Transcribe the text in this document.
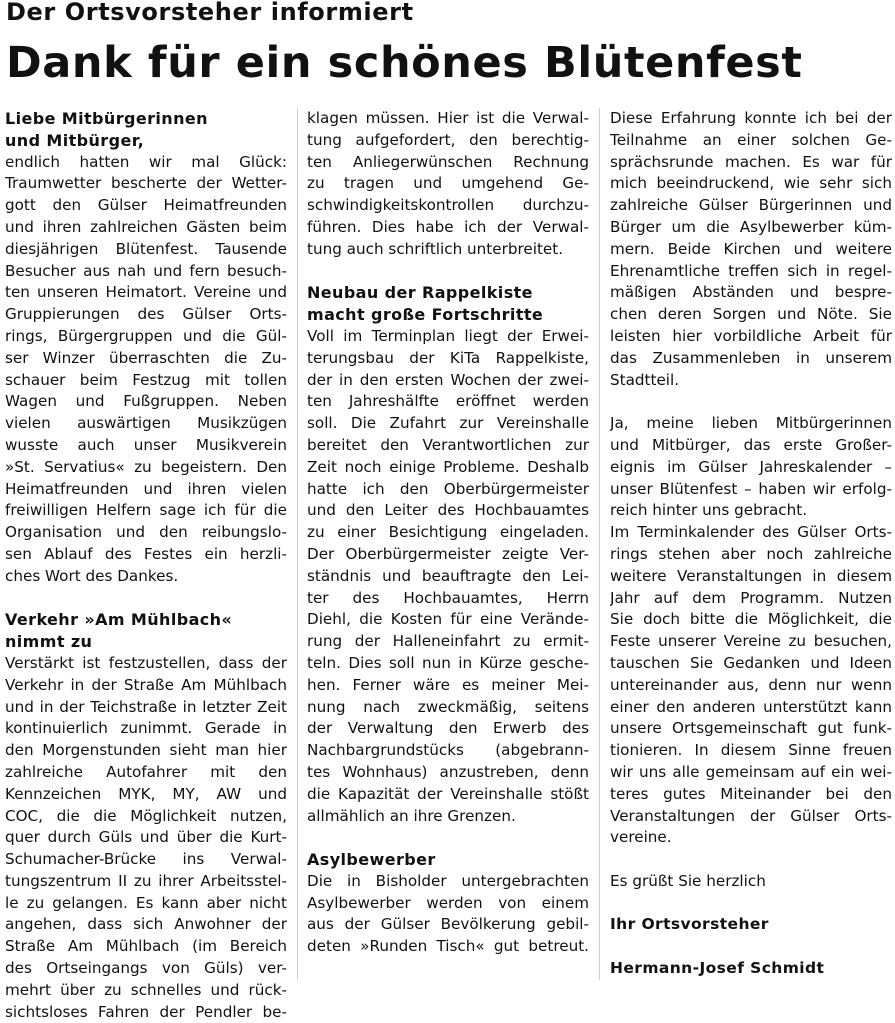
Der Ortsvorsteher informiert
Dank für ein schönes Blütenfest
Liebe Mitbürgerinnen
und Mitbürger,
endlich hatten wir mal Glück:
Traumwetter bescherte der Wetter-
gott den Gülser Heimatfreunden
und ihren zahlreichen Gästen beim
diesjährigen Blütenfest. Tausende
Besucher aus nah und fern besuch-
ten unseren Heimatort. Vereine und
Gruppierungen des Gülser Orts-
rings, Bürgergruppen und die Gül-
ser Winzer überraschten die Zu-
schauer beim Festzug mit tollen
Wagen und Fußgruppen. Neben
vielen auswärtigen Musikzügen
wusste auch unser Musikverein
»St. Servatius« zu begeistern. Den
Heimatfreunden und ihren vielen
freiwilligen Helfern sage ich für die
Organisation und den reibungslo-
sen Ablauf des Festes ein herzli-
ches Wort des Dankes.
Verkehr »Am Mühlbach«
nimmt zu
Verstärkt ist festzustellen, dass der
Verkehr in der Straße Am Mühlbach
und in der Teichstraße in letzter Zeit
kontinuierlich zunimmt. Gerade in
den Morgenstunden sieht man hier
zahlreiche Autofahrer mit den
Kennzeichen MYK, MY, AW und
COC, die die Möglichkeit nutzen,
quer durch Güls und über die Kurt-
Schumacher-Brücke ins Verwal-
tungszentrum II zu ihrer Arbeitsstel-
le zu gelangen. Es kann aber nicht
angehen, dass sich Anwohner der
Straße Am Mühlbach (im Bereich
des Ortseingangs von Güls) ver-
mehrt über zu schnelles und rück-
sichtsloses Fahren der Pendler be-
klagen müssen. Hier ist die Verwal-
tung aufgefordert, den berechtig-
ten Anliegerwünschen Rechnung
zu tragen und umgehend Ge-
schwindigkeitskontrollen durchzu-
führen. Dies habe ich der Verwal-
tung auch schriftlich unterbreitet.
Neubau der Rappelkiste
macht große Fortschritte
Voll im Terminplan liegt der Erwei-
terungsbau der KiTa Rappelkiste,
der in den ersten Wochen der zwei-
ten Jahreshälfte eröffnet werden
soll. Die Zufahrt zur Vereinshalle
bereitet den Verantwortlichen zur
Zeit noch einige Probleme. Deshalb
hatte ich den Oberbürgermeister
und den Leiter des Hochbauamtes
zu einer Besichtigung eingeladen.
Der Oberbürgermeister zeigte Ver-
ständnis und beauftragte den Lei-
ter des Hochbauamtes, Herrn
Diehl, die Kosten für eine Verände-
rung der Halleneinfahrt zu ermit-
teln. Dies soll nun in Kürze gesche-
hen. Ferner wäre es meiner Mei-
nung nach zweckmäßig, seitens
der Verwaltung den Erwerb des
Nachbargrundstücks (abgebrann-
tes Wohnhaus) anzustreben, denn
die Kapazität der Vereinshalle stößt
allmählich an ihre Grenzen.
Asylbewerber
Die in Bisholder untergebrachten
Asylbewerber werden von einem
aus der Gülser Bevölkerung gebil-
deten »Runden Tisch« gut betreut.
Diese Erfahrung konnte ich bei der
Teilnahme an einer solchen Ge-
sprächsrunde machen. Es war für
mich beeindruckend, wie sehr sich
zahlreiche Gülser Bürgerinnen und
Bürger um die Asylbewerber küm-
mern. Beide Kirchen und weitere
Ehrenamtliche treffen sich in regel-
mäßigen Abständen und bespre-
chen deren Sorgen und Nöte. Sie
leisten hier vorbildliche Arbeit für
das Zusammenleben in unserem
Stadtteil.
Ja, meine lieben Mitbürgerinnen
und Mitbürger, das erste Großer-
eignis im Gülser Jahreskalender –
unser Blütenfest – haben wir erfolg-
reich hinter uns gebracht.
Im Terminkalender des Gülser Orts-
rings stehen aber noch zahlreiche
weitere Veranstaltungen in diesem
Jahr auf dem Programm. Nutzen
Sie doch bitte die Möglichkeit, die
Feste unserer Vereine zu besuchen,
tauschen Sie Gedanken und Ideen
untereinander aus, denn nur wenn
einer den anderen unterstützt kann
unsere Ortsgemeinschaft gut funk-
tionieren. In diesem Sinne freuen
wir uns alle gemeinsam auf ein wei-
teres gutes Miteinander bei den
Veranstaltungen der Gülser Orts-
vereine.
Es grüßt Sie herzlich
Ihr Ortsvorsteher
Hermann-Josef Schmidt
